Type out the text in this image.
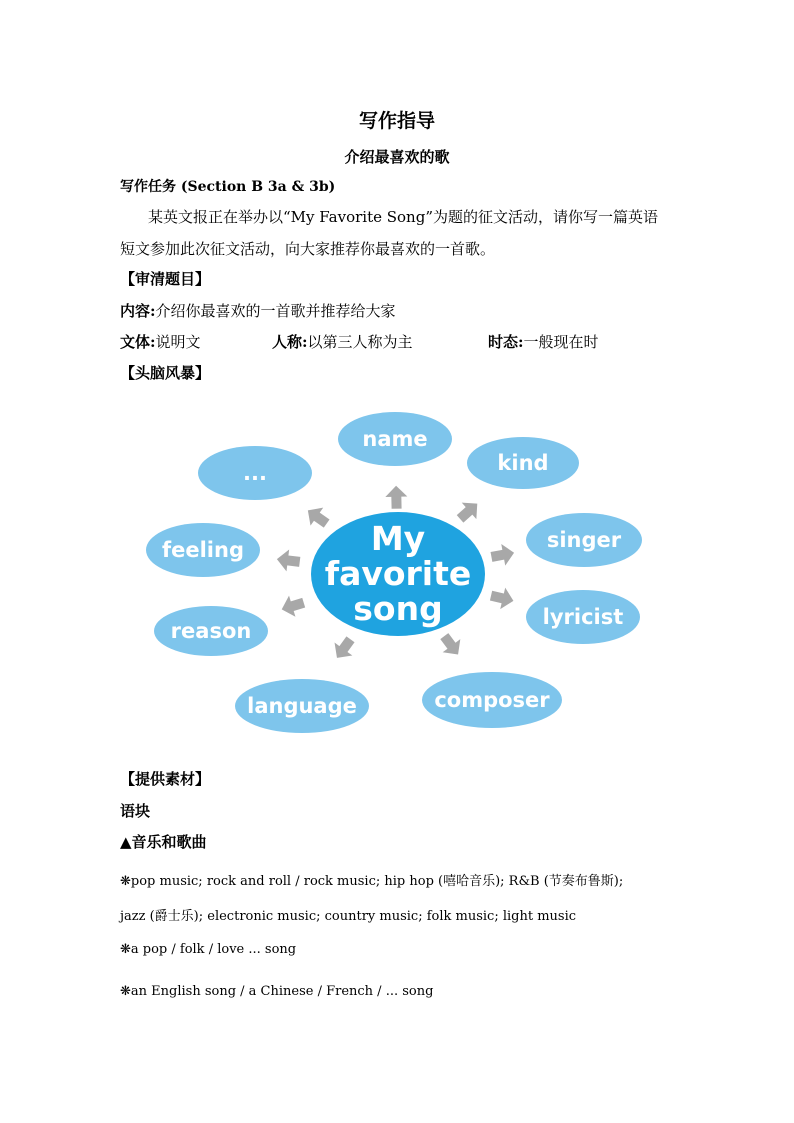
写作指导
介绍最喜欢的歌
写作任务 (Section B 3a & 3b)
某英文报正在举办以“My Favorite Song”为题的征文活动，请你写一篇英语
短文参加此次征文活动，向大家推荐你最喜欢的一首歌。
【审清题目】
内容:介绍你最喜欢的一首歌并推荐给大家
文体:说明文	人称:以第三人称为主	时态:一般现在时
【头脑风暴】
name
kind
singer
lyricist
composer
language
reason
feeling
...
My
favorite
song
【提供素材】
语块
▲音乐和歌曲
❋pop music; rock and roll / rock music; hip hop (嘻哈音乐); R&B (节奏布鲁斯);
jazz (爵士乐); electronic music; country music; folk music; light music
❋a pop / folk / love ... song
❋an English song / a Chinese / French / ... song
